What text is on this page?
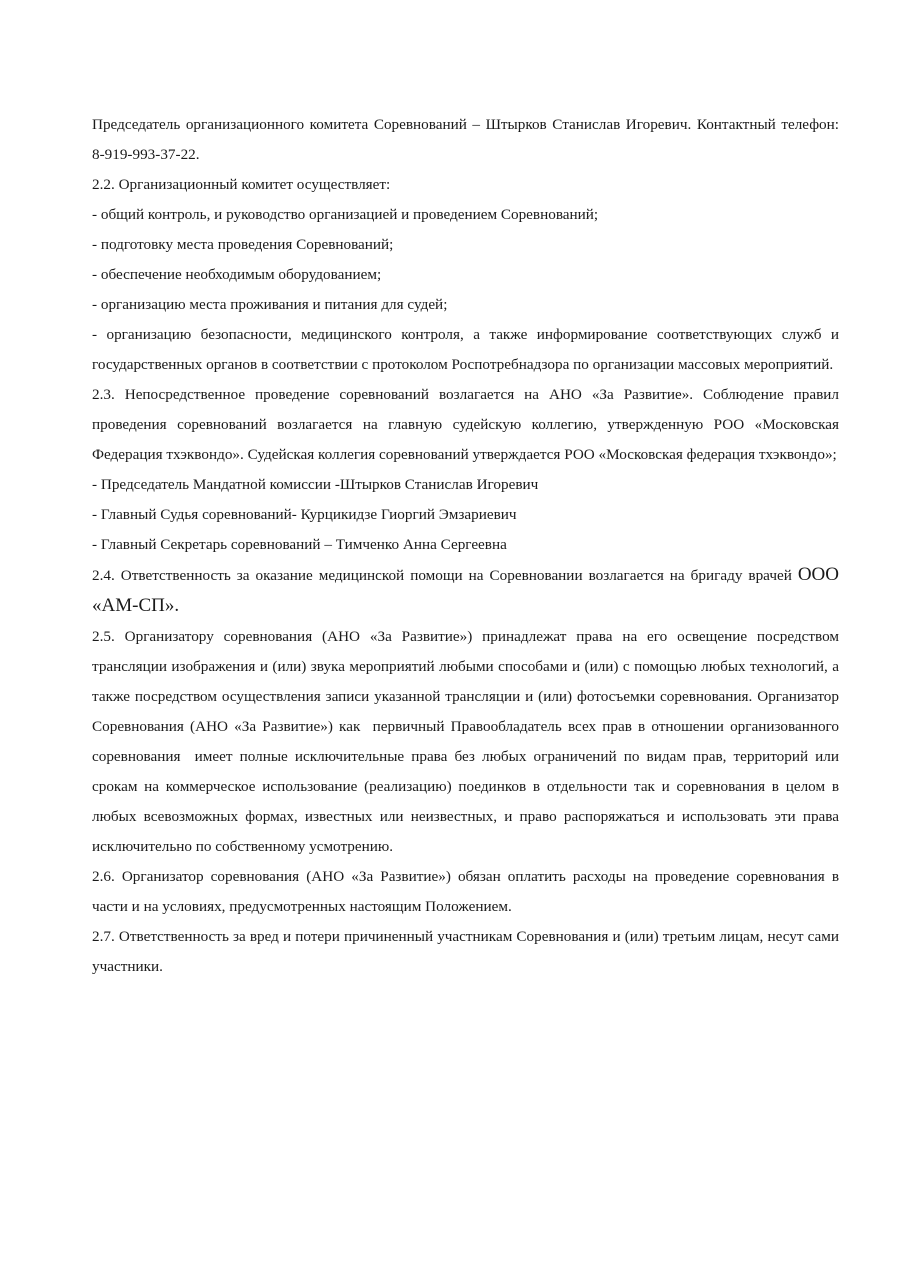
Председатель организационного комитета Соревнований – Штырков Станислав Игоревич. Контактный телефон: 8-919-993-37-22.

2.2. Организационный комитет осуществляет:

- общий контроль, и руководство организацией и проведением Соревнований;

- подготовку места проведения Соревнований;

- обеспечение необходимым оборудованием;

- организацию места проживания и питания для судей;

- организацию безопасности, медицинского контроля, а также информирование соответствующих служб и государственных органов в соответствии с протоколом Роспотребнадзора по организации массовых мероприятий.

2.3. Непосредственное проведение соревнований возлагается на АНО «За Развитие». Соблюдение правил проведения соревнований возлагается на главную судейскую коллегию, утвержденную РОО «Московская Федерация тхэквондо». Судейская коллегия соревнований утверждается РОО «Московская федерация тхэквондо»;

- Председатель Мандатной комиссии -Штырков Станислав Игоревич

- Главный Судья соревнований- Курцикидзе Гиоргий Эмзариевич

- Главный Секретарь соревнований – Тимченко Анна Сергеевна

2.4. Ответственность за оказание медицинской помощи на Соревновании возлагается на бригаду врачей ООО «АМ-СП».

2.5. Организатору соревнования (АНО «За Развитие») принадлежат права на его освещение посредством трансляции изображения и (или) звука мероприятий любыми способами и (или) с помощью любых технологий, а также посредством осуществления записи указанной трансляции и (или) фотосъемки соревнования. Организатор Соревнования (АНО «За Развитие») как  первичный Правообладатель всех прав в отношении организованного соревнования  имеет полные исключительные права без любых ограничений по видам прав, территорий или срокам на коммерческое использование (реализацию) поединков в отдельности так и соревнования в целом в любых всевозможных формах, известных или неизвестных, и право распоряжаться и использовать эти права исключительно по собственному усмотрению.

2.6. Организатор соревнования (АНО «За Развитие») обязан оплатить расходы на проведение соревнования в части и на условиях, предусмотренных настоящим Положением.

2.7. Ответственность за вред и потери причиненный участникам Соревнования и (или) третьим лицам, несут сами участники.
